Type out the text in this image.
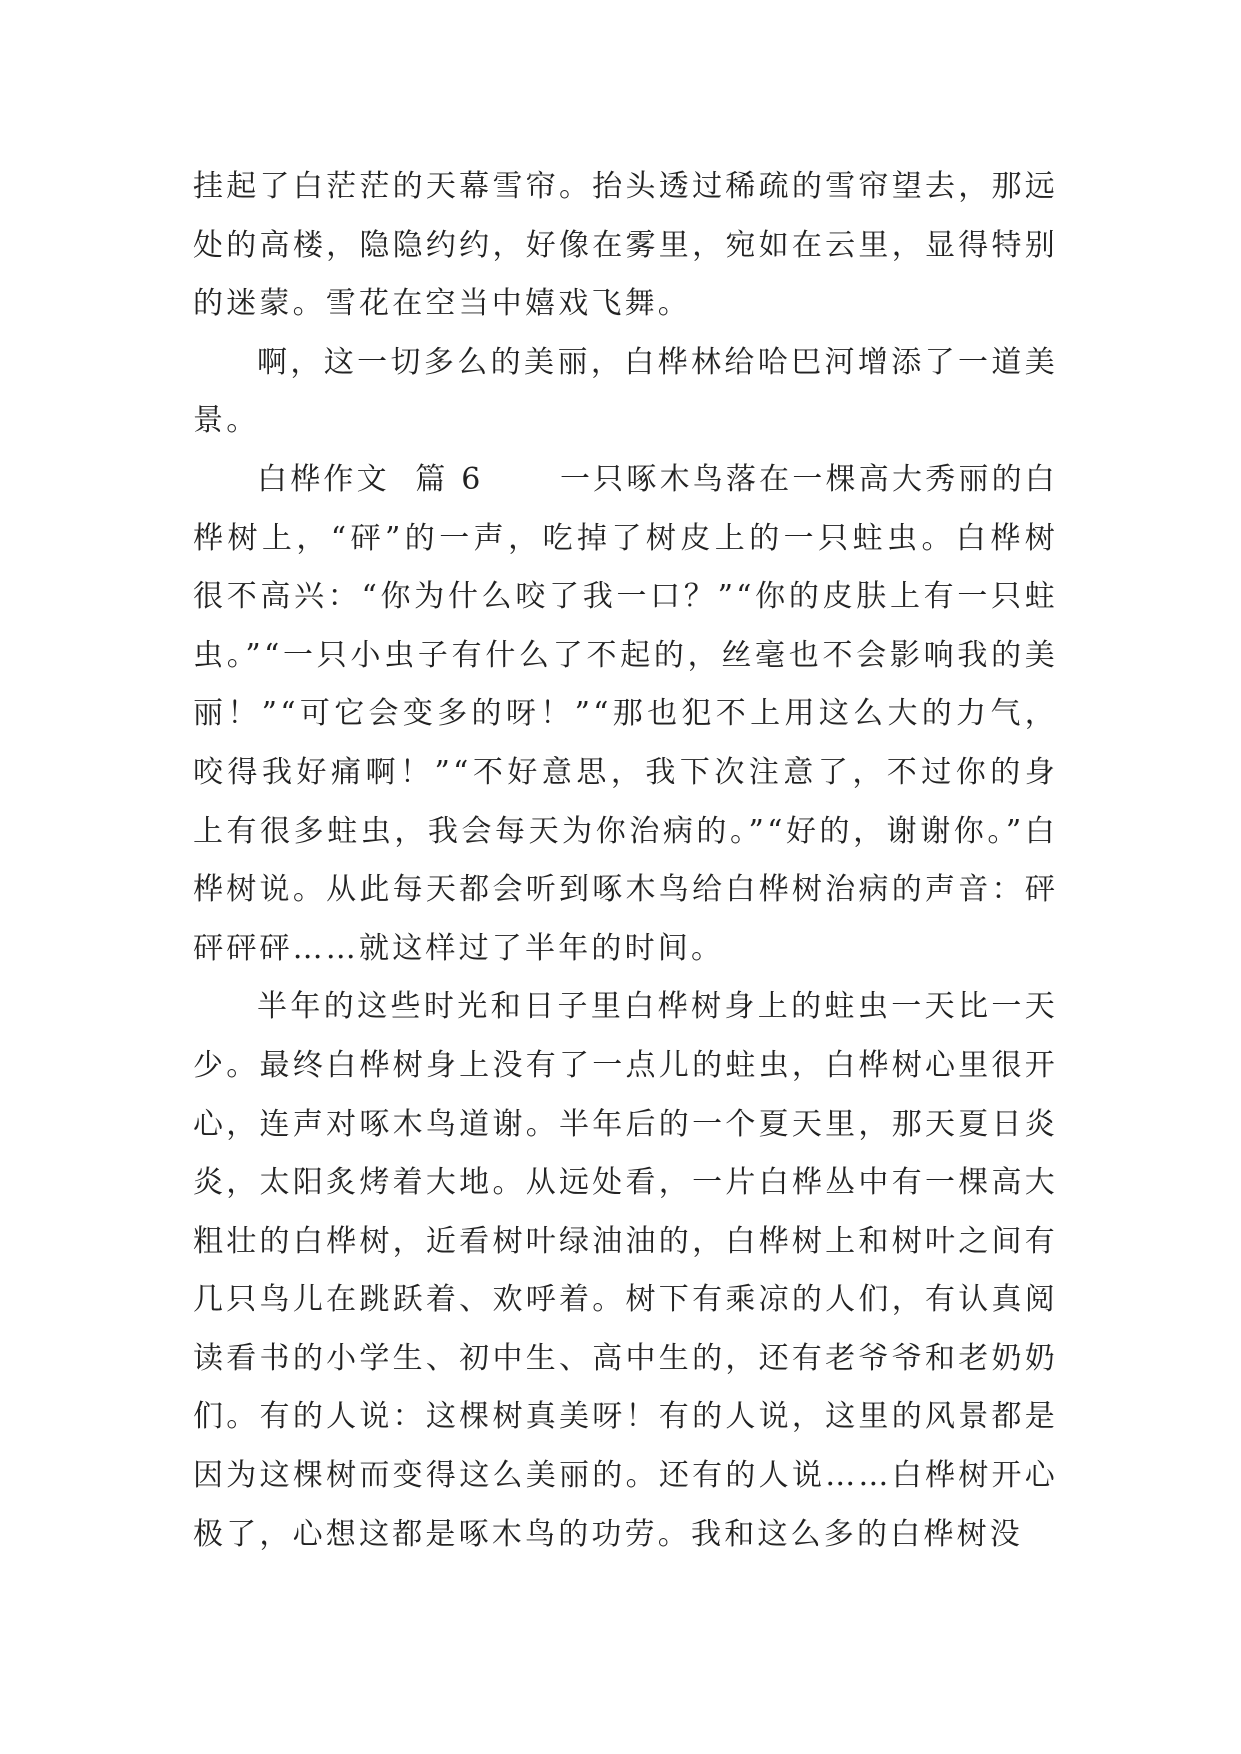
挂起了白茫茫的天幕雪帘。抬头透过稀疏的雪帘望去，那远处的高楼，隐隐约约，好像在雾里，宛如在云里，显得特别的迷蒙。雪花在空当中嬉戏飞舞。

啊，这一切多么的美丽，白桦林给哈巴河增添了一道美景。

白桦作文  篇 6	一只啄木鸟落在一棵高大秀丽的白桦树上，“砰”的一声，吃掉了树皮上的一只蛀虫。白桦树很不高兴：“你为什么咬了我一口？”“你的皮肤上有一只蛀虫。”“一只小虫子有什么了不起的，丝毫也不会影响我的美丽！”“可它会变多的呀！”“那也犯不上用这么大的力气，咬得我好痛啊！”“不好意思，我下次注意了，不过你的身上有很多蛀虫，我会每天为你治病的。”“好的，谢谢你。”白桦树说。从此每天都会听到啄木鸟给白桦树治病的声音：砰砰砰砰……就这样过了半年的时间。

半年的这些时光和日子里白桦树身上的蛀虫一天比一天少。最终白桦树身上没有了一点儿的蛀虫，白桦树心里很开心，连声对啄木鸟道谢。半年后的一个夏天里，那天夏日炎炎，太阳炙烤着大地。从远处看，一片白桦丛中有一棵高大粗壮的白桦树，近看树叶绿油油的，白桦树上和树叶之间有几只鸟儿在跳跃着、欢呼着。树下有乘凉的人们，有认真阅读看书的小学生、初中生、高中生的，还有老爷爷和老奶奶们。有的人说：这棵树真美呀！有的人说，这里的风景都是因为这棵树而变得这么美丽的。还有的人说……白桦树开心极了，心想这都是啄木鸟的功劳。我和这么多的白桦树没
